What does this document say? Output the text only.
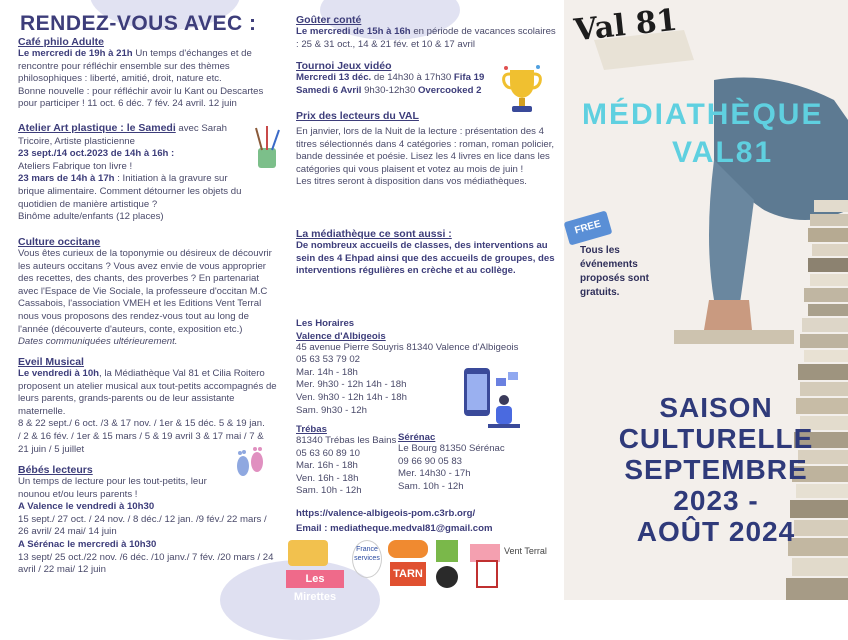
RENDEZ-VOUS AVEC :
Café philo Adulte
Le mercredi de 19h à 21h Un temps d'échanges et de rencontre pour réfléchir ensemble sur des thèmes philosophiques : liberté, amitié, droit, nature etc.
Bonne nouvelle : pour réfléchir avoir lu Kant ou Descartes pour participer ! 11 oct. 6 déc. 7 fév. 24 avril. 12 juin
Atelier Art plastique : le Samedi avec Sarah Tricoire, Artiste plasticienne
23 sept./14 oct.2023 de 14h à 16h :
Ateliers Fabrique ton livre !
23 mars de 14h à 17h : Initiation à la gravure sur brique alimentaire. Comment détourner les objets du quotidien de manière artistique ?
Binôme adulte/enfants (12 places)
Culture occitane
Vous êtes curieux de la toponymie ou désireux de découvrir les auteurs occitans ? Vous avez envie de vous approprier des recettes, des chants, des proverbes ? En partenariat avec l'Espace de Vie Sociale, la professeure d'occitan M.C Cassabois, l'association VMEH et les Editions Vent Terral nous vous proposons des rendez-vous tout au long de l'année (découverte d'auteurs, conte, exposition etc.)
Dates communiquées ultérieurement.
Eveil Musical
Le vendredi à 10h, la Médiathèque Val 81 et Cilia Roitero proposent un atelier musical aux tout-petits accompagnés de leurs parents, grands-parents ou de leur assistante maternelle.
8 & 22 sept./ 6 oct. /3 & 17 nov. / 1er & 15 déc. 5 & 19 jan. / 2 & 16 fév. / 1er & 15 mars / 5 & 19 avril 3 & 17 mai / 7 & 21 juin / 5 juillet
Bébés lecteurs
Un temps de lecture pour les tout-petits, leur nounou et/ou leurs parents !
A Valence le vendredi à 10h30
15 sept./ 27 oct. / 24 nov. / 8 déc./ 12 jan. /9 fév./ 22 mars / 26 avril/ 24 mai/ 14 juin
A Sérénac le mercredi à 10h30
13 sept/ 25 oct./22 nov. /6 déc. /10 janv./ 7 fév. /20 mars / 24 avril / 22 mai/ 12 juin
Goûter conté
Le mercredi de 15h à 16h en période de vacances scolaires : 25 & 31 oct., 14 & 21 fév. et 10 & 17 avril
Tournoi Jeux vidéo
Mercredi 13 déc. de 14h30 à 17h30 Fifa 19
Samedi 6 Avril 9h30-12h30 Overcooked 2
Prix des lecteurs du VAL
En janvier, lors de la Nuit de la lecture : présentation des 4 titres sélectionnés dans 4 catégories : roman, roman policier, bande dessinée et poésie. Lisez les 4 livres en lice dans les catégories qui vous plaisent et votez au mois de juin !
Les titres seront à disposition dans vos médiathèques.
La médiathèque ce sont aussi :
De nombreux accueils de classes, des interventions au sein des 4 Ehpad ainsi que des accueils de groupes, des interventions régulières en crèche et au collège.
Les Horaires
Valence d'Albigeois
45 avenue Pierre Souyris 81340 Valence d'Albigeois
05 63 53 79 02
Mar. 14h - 18h
Mer. 9h30 - 12h 14h - 18h
Ven. 9h30 - 12h 14h - 18h
Sam. 9h30 - 12h
Trébas
81340 Trébas les Bains
05 63 60 89 10
Mar. 16h - 18h
Ven. 16h - 18h
Sam. 10h - 12h
Sérénac
Le Bourg 81350 Sérénac
09 66 90 05 83
Mer. 14h30 - 17h
Sam. 10h - 12h
https://valence-albigeois-pom.c3rb.org/
Email : mediatheque.medval81@gmail.com
Les Mirettes
France services
TARN
Vent Terral
Val 81
MÉDIATHÈQUE
VAL81
FREE
Tous les événements proposés sont gratuits.
SAISON
CULTURELLE
SEPTEMBRE
2023 -
AOÛT 2024
